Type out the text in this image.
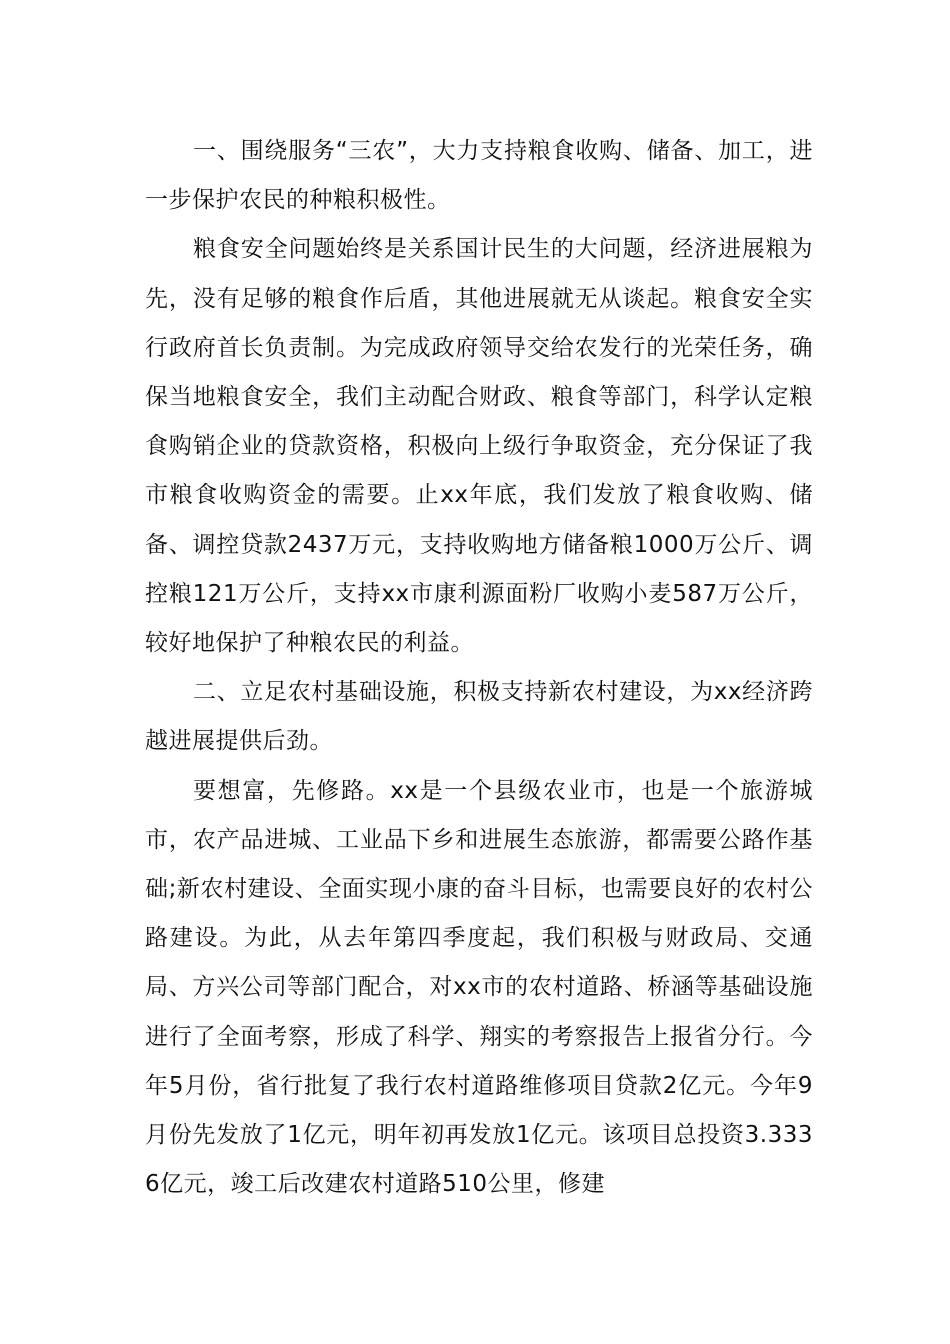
一、围绕服务“三农”，大力支持粮食收购、储备、加工，进一步保护农民的种粮积极性。

粮食安全问题始终是关系国计民生的大问题，经济进展粮为先，没有足够的粮食作后盾，其他进展就无从谈起。粮食安全实行政府首长负责制。为完成政府领导交给农发行的光荣任务，确保当地粮食安全，我们主动配合财政、粮食等部门，科学认定粮食购销企业的贷款资格，积极向上级行争取资金，充分保证了我市粮食收购资金的需要。止xx年底，我们发放了粮食收购、储备、调控贷款2437万元，支持收购地方储备粮1000万公斤、调控粮121万公斤，支持xx市康利源面粉厂收购小麦587万公斤，较好地保护了种粮农民的利益。

二、立足农村基础设施，积极支持新农村建设，为xx经济跨越进展提供后劲。

要想富，先修路。xx是一个县级农业市，也是一个旅游城市，农产品进城、工业品下乡和进展生态旅游，都需要公路作基础;新农村建设、全面实现小康的奋斗目标，也需要良好的农村公路建设。为此，从去年第四季度起，我们积极与财政局、交通局、方兴公司等部门配合，对xx市的农村道路、桥涵等基础设施进行了全面考察，形成了科学、翔实的考察报告上报省分行。今年5月份，省行批复了我行农村道路维修项目贷款2亿元。今年9月份先发放了1亿元，明年初再发放1亿元。该项目总投资3.3336亿元，竣工后改建农村道路510公里，修建
